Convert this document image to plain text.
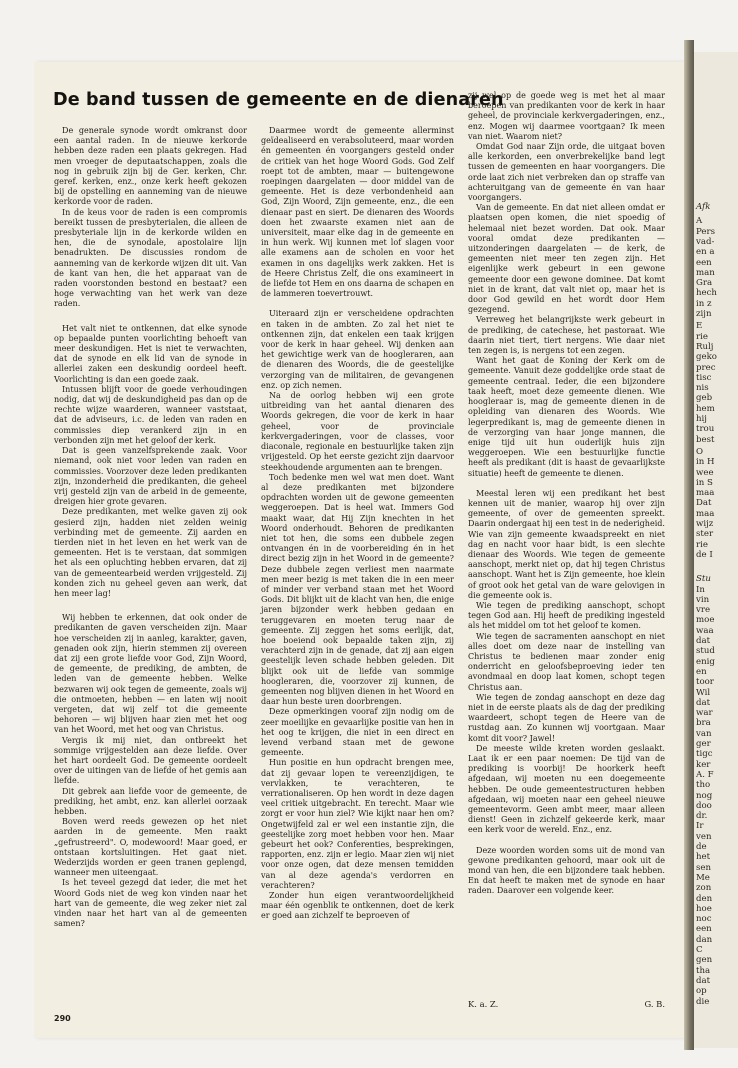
De band tussen de gemeente en de dienaren

De generale synode wordt omkranst door een aantal raden. In de nieuwe kerkorde hebben deze raden een plaats gekregen. Had men vroeger de deputaatschappen, zoals die nog in gebruik zijn bij de Ger. kerken, Chr. geref. kerken, enz., onze kerk heeft gekozen bij de opstelling en aanneming van de nieuwe kerkorde voor de raden.

In de keus voor de raden is een compromis bereikt tussen de presbyterialen, die alleen de presbyteriale lijn in de kerkorde wilden en hen, die de synodale, apostolaire lijn benadrukten. De discussies rondom de aanneming van de kerkorde wijzen dit uit. Van de kant van hen, die het apparaat van de raden voorstonden bestond en bestaat? een hoge verwachting van het werk van deze raden.

Het valt niet te ontkennen, dat elke synode op bepaalde punten voorlichting behoeft van meer deskundigen. Het is niet te verwachten, dat de synode en elk lid van de synode in allerlei zaken een deskundig oordeel heeft. Voorlichting is dan een goede zaak.

Intussen blijft voor de goede verhoudingen nodig, dat wij de deskundigheid pas dan op de rechte wijze waarderen, wanneer vaststaat, dat de adviseurs, i.c. de leden van raden en commissies diep verankerd zijn in en verbonden zijn met het geloof der kerk.

Dat is geen vanzelfsprekende zaak. Voor niemand, ook niet voor leden van raden en commissies. Voorzover deze leden predikanten zijn, inzonderheid die predikanten, die geheel vrij gesteld zijn van de arbeid in de gemeente, dreigen hier grote gevaren.

Deze predikanten, met welke gaven zij ook gesierd zijn, hadden niet zelden weinig verbinding met de gemeente. Zij aarden en tierden niet in het leven en het werk van de gemeenten. Het is te verstaan, dat sommigen het als een opluchting hebben ervaren, dat zij van de gemeentearbeid werden vrijgesteld. Zij konden zich nu geheel geven aan werk, dat hen meer lag!

Wij hebben te erkennen, dat ook onder de predikanten de gaven verscheiden zijn. Maar hoe verscheiden zij in aanleg, karakter, gaven, genaden ook zijn, hierin stemmen zij overeen dat zij een grote liefde voor God, Zijn Woord, de gemeente, de prediking, de ambten, de leden van de gemeente hebben. Welke bezwaren wij ook tegen de gemeente, zoals wij die ontmoeten, hebben — en laten wij nooit vergeten, dat wij zelf tot die gemeente behoren — wij blijven haar zien met het oog van het Woord, met het oog van Christus.

Vergis ik mij niet, dan ontbreekt het sommige vrijgestelden aan deze liefde. Over het hart oordeelt God. De gemeente oordeelt over de uitingen van de liefde of het gemis aan liefde.

Dit gebrek aan liefde voor de gemeente, de prediking, het ambt, enz. kan allerlei oorzaak hebben.

Boven werd reeds gewezen op het niet aarden in de gemeente. Men raakt „gefrustreerd". O, modewoord! Maar goed, er ontstaan kortsluitingen. Het gaat niet. Wederzijds worden er geen tranen geplengd, wanneer men uiteengaat.

Is het teveel gezegd dat ieder, die met het Woord Gods niet de weg kon vinden naar het hart van de gemeente, die weg zeker niet zal vinden naar het hart van al de gemeenten samen?

Daarmee wordt de gemeente allerminst geïdealiseerd en verabsoluteerd, maar worden én gemeenten én voorgangers gesteld onder de critiek van het hoge Woord Gods. God Zelf roept tot de ambten, maar — buitengewone roepingen daargelaten — door middel van de gemeente. Het is deze verbondenheid aan God, Zijn Woord, Zijn gemeente, enz., die een dienaar past en siert. De dienaren des Woords doen het zwaarste examen niet aan de universiteit, maar elke dag in de gemeente en in hun werk. Wij kunnen met lof slagen voor alle examens aan de scholen en voor het examen in ons dagelijks werk zakken. Het is de Heere Christus Zelf, die ons examineert in de liefde tot Hem en ons daarna de schapen en de lammeren toevertrouwt.

Uiteraard zijn er verscheidene opdrachten en taken in de ambten. Zo zal het niet te ontkennen zijn, dat enkelen een taak krijgen voor de kerk in haar geheel. Wij denken aan het gewichtige werk van de hoogleraren, aan de dienaren des Woords, die de geestelijke verzorging van de militairen, de gevangenen enz. op zich nemen.

Na de oorlog hebben wij een grote uitbreiding van het aantal dienaren des Woords gekregen, die voor de kerk in haar geheel, voor de provinciale kerkvergaderingen, voor de classes, voor diaconale, regionale en bestuurlijke taken zijn vrijgesteld. Op het eerste gezicht zijn daarvoor steekhoudende argumenten aan te brengen.

Toch bedenke men wel wat men doet. Want al deze predikanten met bijzondere opdrachten worden uit de gewone gemeenten weggeroepen. Dat is heel wat. Immers God maakt waar, dat Hij Zijn knechten in het Woord onderhoudt. Behoren de predikanten niet tot hen, die soms een dubbele zegen ontvangen én in de voorbereiding én in het direct bezig zijn in het Woord in de gemeente? Deze dubbele zegen verliest men naarmate men meer bezig is met taken die in een meer of minder ver verband staan met het Woord Gods. Dit blijkt uit de klacht van hen, die enige jaren bijzonder werk hebben gedaan en teruggevaren en moeten terug naar de gemeente. Zij zeggen het soms eerlijk, dat, hoe boeiend ook bepaalde taken zijn, zij verachterd zijn in de genade, dat zij aan eigen geestelijk leven schade hebben geleden. Dit blijkt ook uit de liefde van sommige hoogleraren, die, voorzover zij kunnen, de gemeenten nog blijven dienen in het Woord en daar hun beste uren doorbrengen.

Deze opmerkingen vooraf zijn nodig om de zeer moeilijke en gevaarlijke positie van hen in het oog te krijgen, die niet in een direct en levend verband staan met de gewone gemeente.

Hun positie en hun opdracht brengen mee, dat zij gevaar lopen te vereenzijdigen, te vervlakken, te verachteren, te verrationaliseren. Op hen wordt in deze dagen veel critiek uitgebracht. En terecht. Maar wie zorgt er voor hun ziel? Wie kijkt naar hen om? Ongetwijfeld zal er wel een instantie zijn, die geestelijke zorg moet hebben voor hen. Maar gebeurt het ook? Conferenties, besprekingen, rapporten, enz. zijn er legio. Maar zien wij niet voor onze ogen, dat deze mensen temidden van al deze agenda's verdorren en verachteren?

Zonder hun eigen verantwoordelijkheid maar één ogenblik te ontkennen, doet de kerk er goed aan zichzelf te beproeven of

zij wel op de goede weg is met het al maar beroepen van predikanten voor de kerk in haar geheel, de provinciale kerkvergaderingen, enz., enz. Mogen wij daarmee voortgaan? Ik meen van niet. Waarom niet?

Omdat God naar Zijn orde, die uitgaat boven alle kerkorden, een onverbrekelijke band legt tussen de gemeenten en haar voorgangers. Die orde laat zich niet verbreken dan op straffe van achteruitgang van de gemeente én van haar voorgangers.

Van de gemeente. En dat niet alleen omdat er plaatsen open komen, die niet spoedig of helemaal niet bezet worden. Dat ook. Maar vooral omdat deze predikanten — uitzonderingen daargelaten — de kerk, de gemeenten niet meer ten zegen zijn. Het eigenlijke werk gebeurt in een gewone gemeente door een gewone dominee. Dat komt niet in de krant, dat valt niet op, maar het is door God gewild en het wordt door Hem gezegend.

Verreweg het belangrijkste werk gebeurt in de prediking, de catechese, het pastoraat. Wie daarin niet tiert, tiert nergens. Wie daar niet ten zegen is, is nergens tot een zegen.

Want het gaat de Koning der Kerk om de gemeente. Vanuit deze goddelijke orde staat de gemeente centraal. Ieder, die een bijzondere taak heeft, moet deze gemeente dienen. Wie hoogleraar is, mag de gemeente dienen in de opleiding van dienaren des Woords. Wie legerpredikant is, mag de gemeente dienen in de verzorging van haar jonge mannen, die enige tijd uit hun ouderlijk huis zijn weggeroepen. Wie een bestuurlijke functie heeft als predikant (dit is haast de gevaarlijkste situatie) heeft de gemeente te dienen.

Meestal leren wij een predikant het best kennen uit de manier, waarop hij over zijn gemeente, of over de gemeenten spreekt. Daarin ondergaat hij een test in de nederigheid. Wie van zijn gemeente kwaadspreekt en niet dag en nacht voor haar bidt, is een slechte dienaar des Woords. Wie tegen de gemeente aanschopt, merkt niet op, dat hij tegen Christus aanschopt. Want het is Zijn gemeente, hoe klein of groot ook het getal van de ware gelovigen in die gemeente ook is.

Wie tegen de prediking aanschopt, schopt tegen God aan. Hij heeft de prediking ingesteld als het middel om tot het geloof te komen.

Wie tegen de sacramenten aanschopt en niet alles doet om deze naar de instelling van Christus te bedienen maar zonder enig onderricht en geloofsbeproeving ieder ten avondmaal en doop laat komen, schopt tegen Christus aan.

Wie tegen de zondag aanschopt en deze dag niet in de eerste plaats als de dag der prediking waardeert, schopt tegen de Heere van de rustdag aan. Zo kunnen wij voortgaan. Maar komt dit voor? Jawel!

De meeste wilde kreten worden geslaakt. Laat ik er een paar noemen: De tijd van de prediking is voorbij! De hoorkerk heeft afgedaan, wij moeten nu een doegemeente hebben. De oude gemeentestructuren hebben afgedaan, wij moeten naar een geheel nieuwe gemeentevorm. Geen ambt meer, maar alleen dienst! Geen in zichzelf gekeerde kerk, maar een kerk voor de wereld. Enz., enz.

Deze woorden worden soms uit de mond van gewone predikanten gehoord, maar ook uit de mond van hen, die een bijzondere taak hebben. En dat heeft te maken met de synode en haar raden. Daarover een volgende keer.

K. a. Z.	G. B.
290
Afk
A
Pers
vad-
en a
een
man
Gra
hech
in z
zijn
E
rie
Rulj
geko
prec
tisc
nis
geb
hem
hij
trou
best
O
in H
wee
in S
maa
Dat
maa
wijz
ster
rie
de I
Stu
In
vin
vre
moe
waa
dat
stud
enig
en
toor
Wil
dat
war
bra
van
ger
tigc
ker
A. F
tho
nog
doo
dr.
Ir
ven
de
het
sen
Me
zon
den
hoe
noc
een
dan
C
gen
tha
dat
op
die
